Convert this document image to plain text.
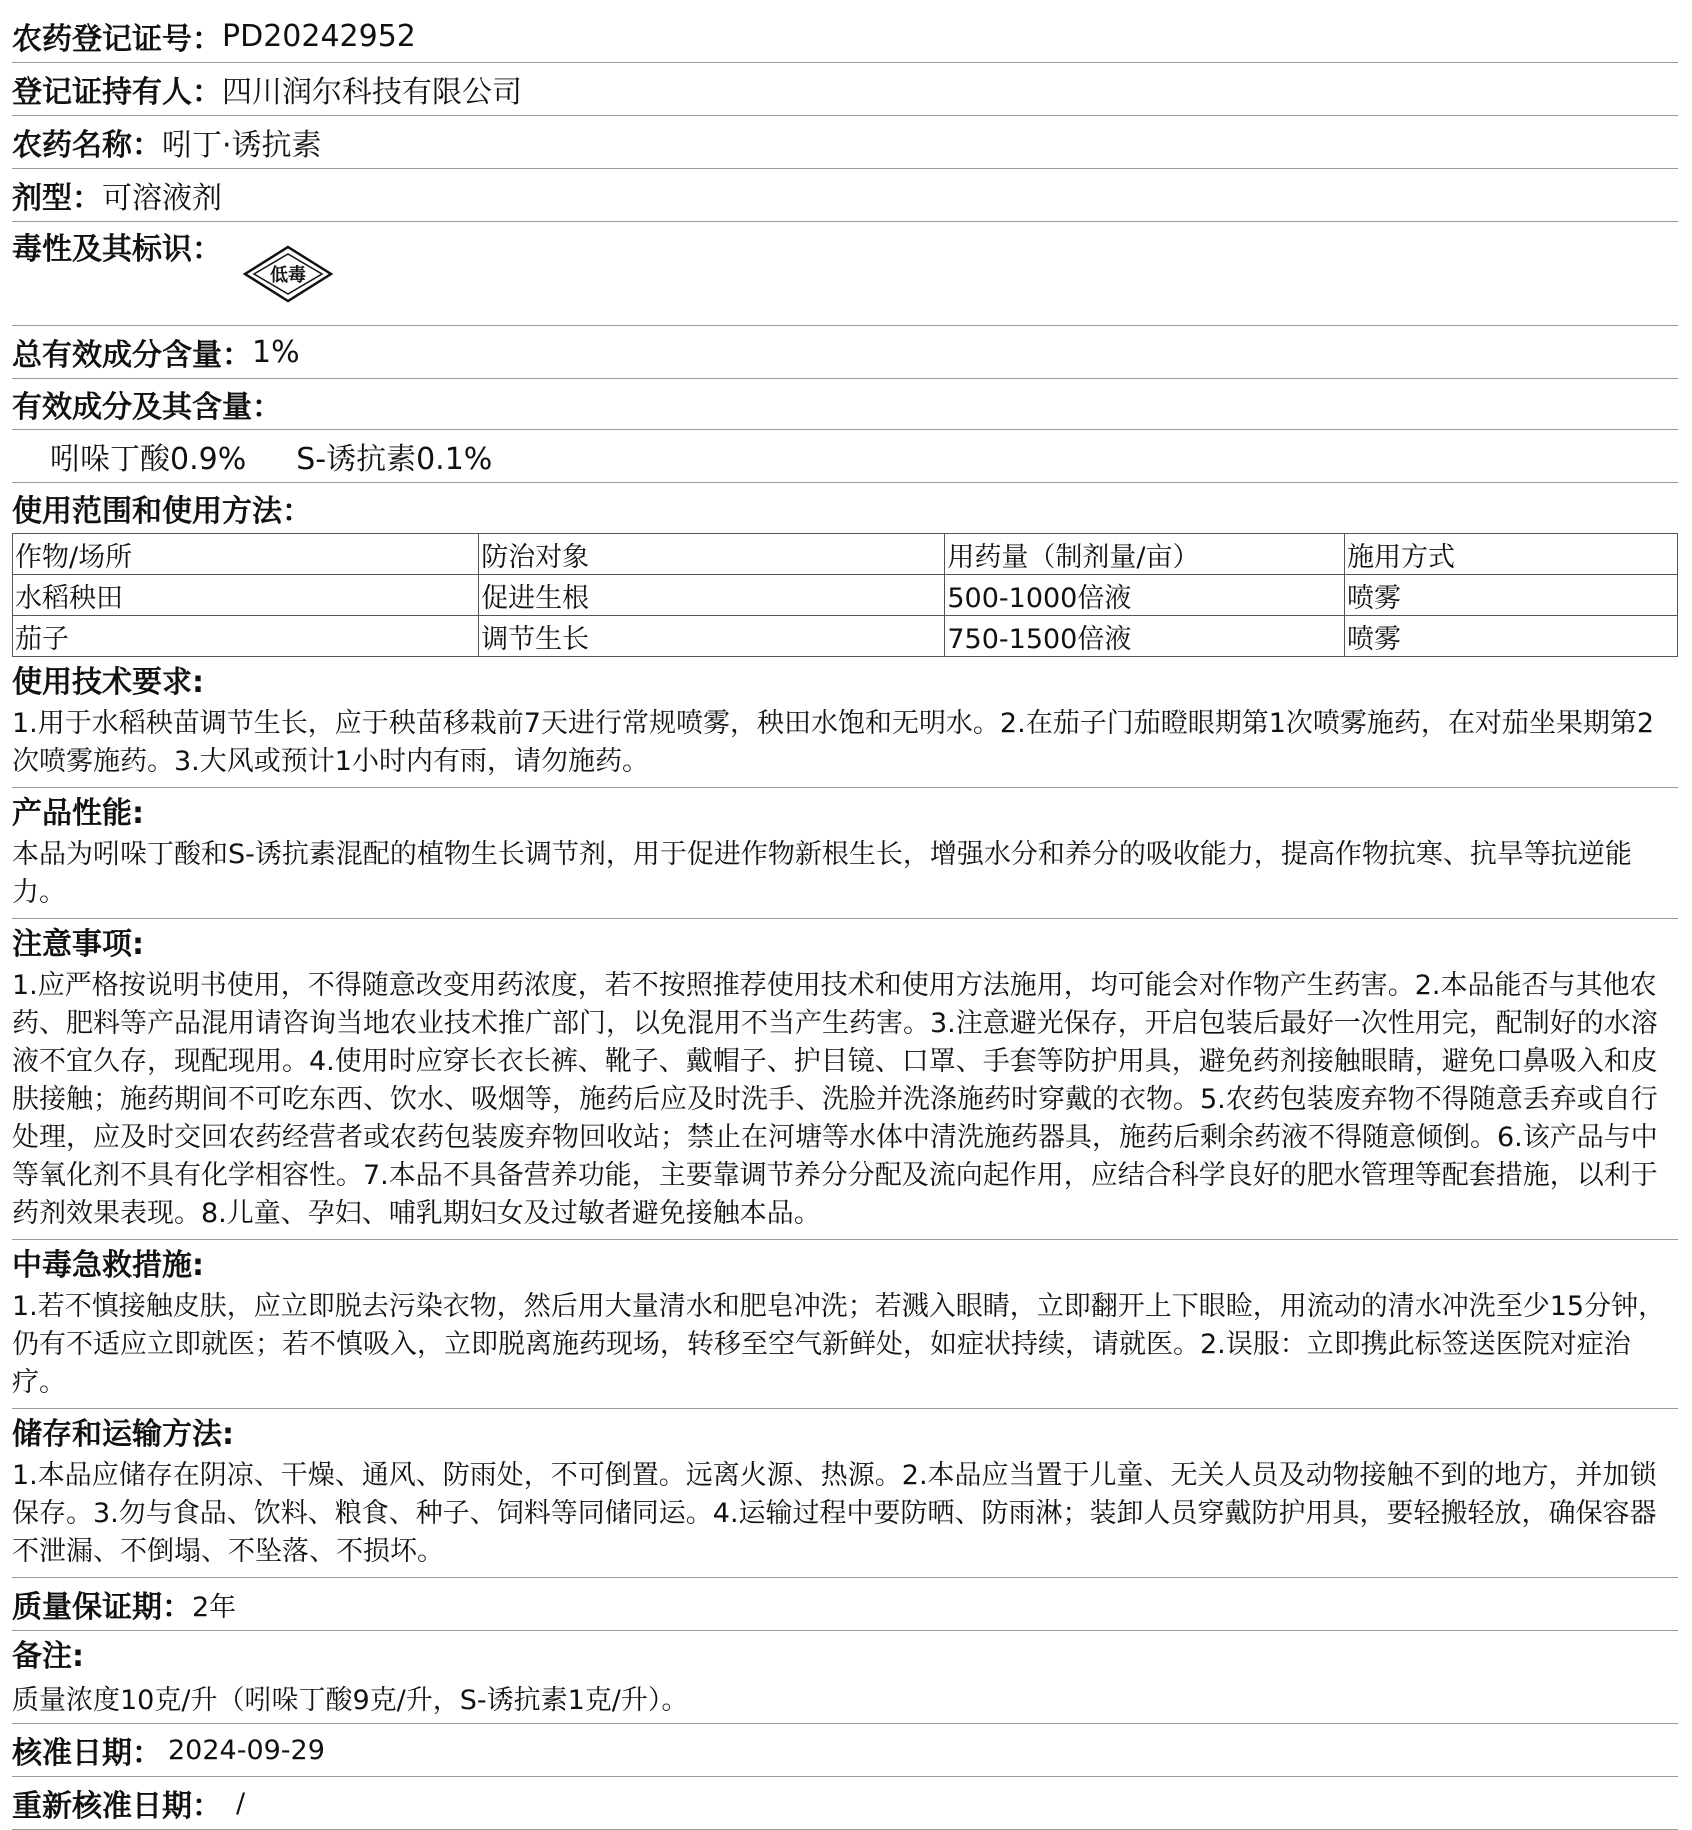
农药登记证号： PD20242952
登记证持有人： 四川润尔科技有限公司
农药名称： 吲丁·诱抗素
剂型： 可溶液剂
毒性及其标识：
低毒
总有效成分含量： 1%
有效成分及其含量：
吲哚丁酸0.9% S-诱抗素0.1%
使用范围和使用方法：
作物/场所	防治对象	用药量（制剂量/亩）	施用方式
水稻秧田	促进生根	500-1000倍液	喷雾
茄子	调节生长	750-1500倍液	喷雾
使用技术要求:
1.用于水稻秧苗调节生长，应于秧苗移栽前7天进行常规喷雾，秧田水饱和无明水。2.在茄子门茄瞪眼期第1次喷雾施药，在对茄坐果期第2次喷雾施药。3.大风或预计1小时内有雨，请勿施药。
产品性能:
本品为吲哚丁酸和S-诱抗素混配的植物生长调节剂，用于促进作物新根生长，增强水分和养分的吸收能力，提高作物抗寒、抗旱等抗逆能力。
注意事项:
1.应严格按说明书使用，不得随意改变用药浓度，若不按照推荐使用技术和使用方法施用，均可能会对作物产生药害。2.本品能否与其他农药、肥料等产品混用请咨询当地农业技术推广部门，以免混用不当产生药害。3.注意避光保存，开启包装后最好一次性用完，配制好的水溶液不宜久存，现配现用。4.使用时应穿长衣长裤、靴子、戴帽子、护目镜、口罩、手套等防护用具，避免药剂接触眼睛，避免口鼻吸入和皮肤接触；施药期间不可吃东西、饮水、吸烟等，施药后应及时洗手、洗脸并洗涤施药时穿戴的衣物。5.农药包装废弃物不得随意丢弃或自行处理，应及时交回农药经营者或农药包装废弃物回收站；禁止在河塘等水体中清洗施药器具，施药后剩余药液不得随意倾倒。6.该产品与中等氧化剂不具有化学相容性。7.本品不具备营养功能，主要靠调节养分分配及流向起作用，应结合科学良好的肥水管理等配套措施，以利于药剂效果表现。8.儿童、孕妇、哺乳期妇女及过敏者避免接触本品。
中毒急救措施:
1.若不慎接触皮肤，应立即脱去污染衣物，然后用大量清水和肥皂冲洗；若溅入眼睛，立即翻开上下眼睑，用流动的清水冲洗至少15分钟，仍有不适应立即就医；若不慎吸入，立即脱离施药现场，转移至空气新鲜处，如症状持续，请就医。2.误服：立即携此标签送医院对症治疗。
储存和运输方法:
1.本品应储存在阴凉、干燥、通风、防雨处，不可倒置。远离火源、热源。2.本品应当置于儿童、无关人员及动物接触不到的地方，并加锁保存。3.勿与食品、饮料、粮食、种子、饲料等同储同运。4.运输过程中要防晒、防雨淋；装卸人员穿戴防护用具，要轻搬轻放，确保容器不泄漏、不倒塌、不坠落、不损坏。
质量保证期： 2年
备注:
质量浓度10克/升（吲哚丁酸9克/升，S-诱抗素1克/升）。
核准日期： 2024-09-29
重新核准日期： /
